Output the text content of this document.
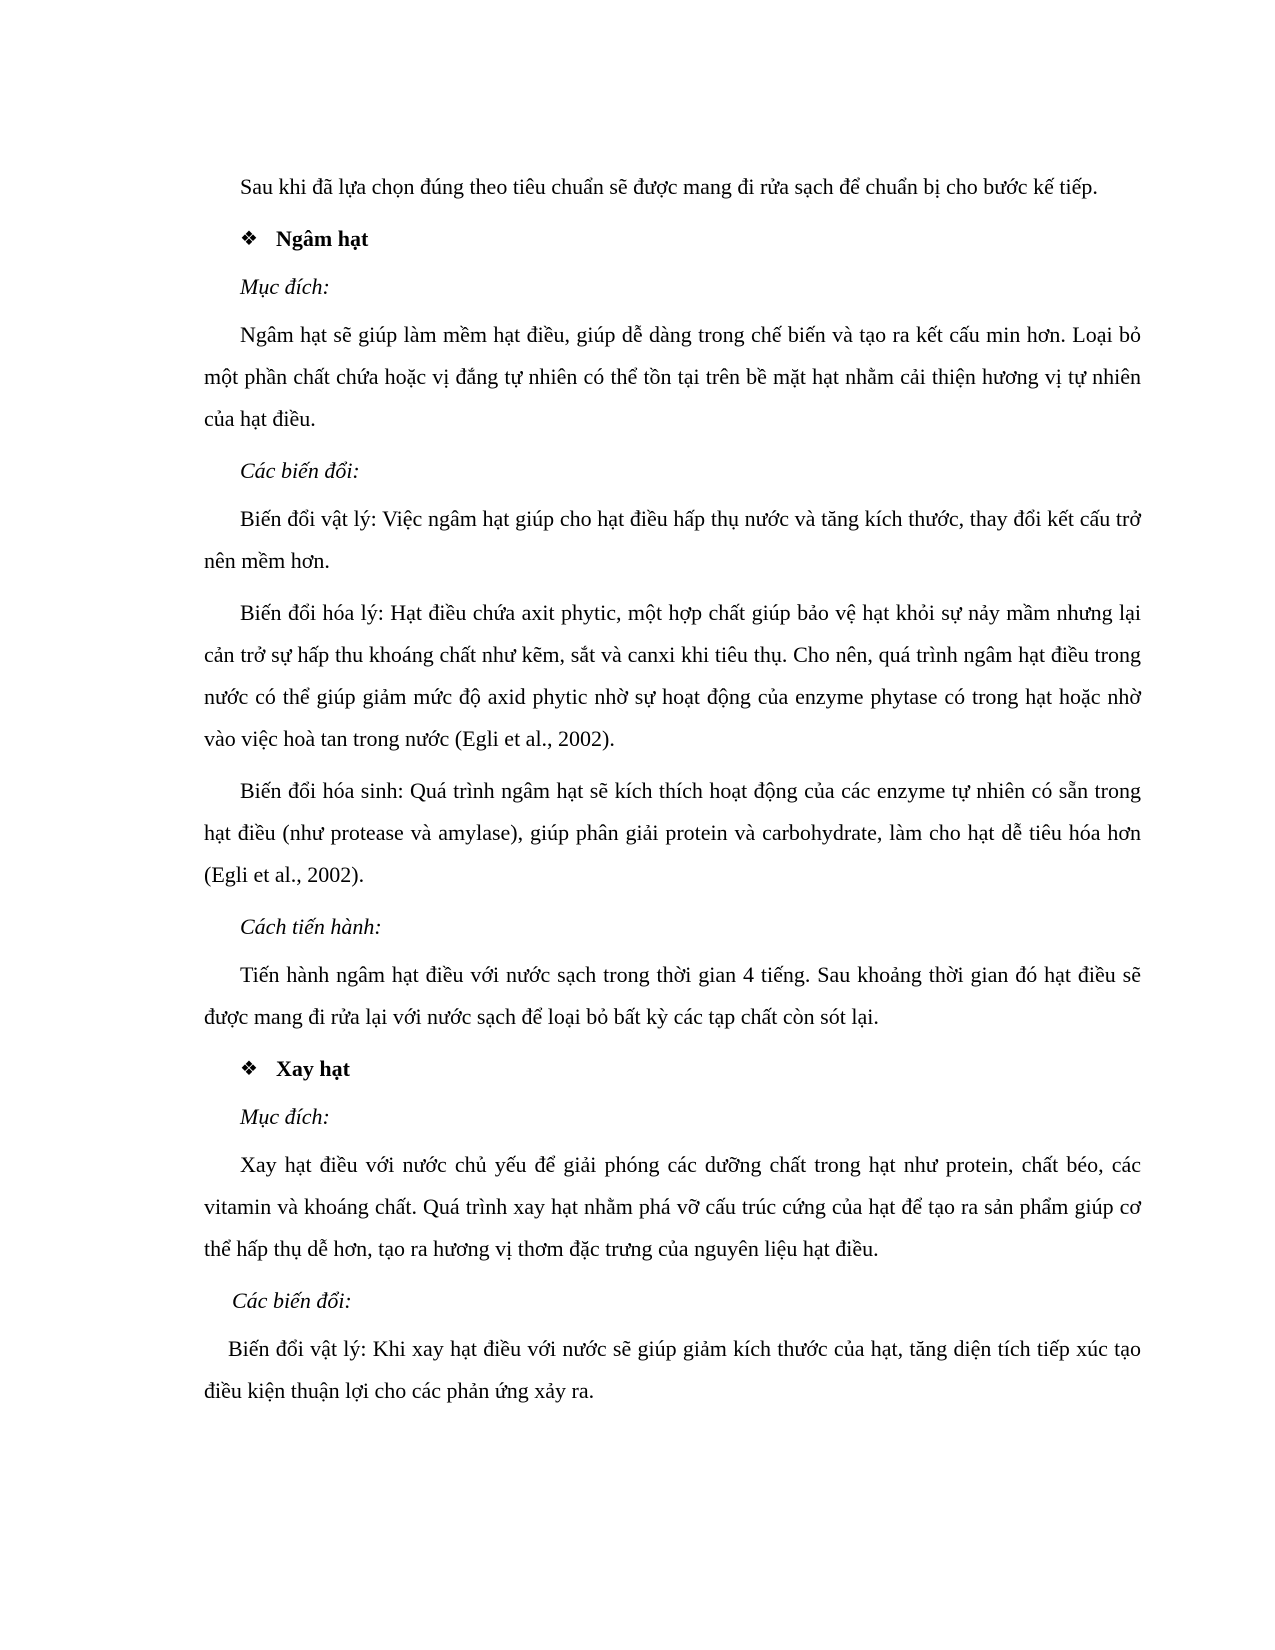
Sau khi đã lựa chọn đúng theo tiêu chuẩn sẽ được mang đi rửa sạch để chuẩn bị cho bước kế tiếp.

❖
Ngâm hạt
Mục đích:

Ngâm hạt sẽ giúp làm mềm hạt điều, giúp dễ dàng trong chế biến và tạo ra kết cấu min hơn. Loại bỏ một phần chất chứa hoặc vị đắng tự nhiên có thể tồn tại trên bề mặt hạt nhằm cải thiện hương vị tự nhiên của hạt điều.

Các biến đổi:

Biến đổi vật lý: Việc ngâm hạt giúp cho hạt điều hấp thụ nước và tăng kích thước, thay đổi kết cấu trở nên mềm hơn.

Biến đổi hóa lý: Hạt điều chứa axit phytic, một hợp chất giúp bảo vệ hạt khỏi sự nảy mầm nhưng lại cản trở sự hấp thu khoáng chất như kẽm, sắt và canxi khi tiêu thụ. Cho nên, quá trình ngâm hạt điều trong nước có thể giúp giảm mức độ axid phytic nhờ sự hoạt động của enzyme phytase có trong hạt hoặc nhờ vào việc hoà tan trong nước (Egli et al., 2002).

Biến đổi hóa sinh: Quá trình ngâm hạt sẽ kích thích hoạt động của các enzyme tự nhiên có sẵn trong hạt điều (như protease và amylase), giúp phân giải protein và carbohydrate, làm cho hạt dễ tiêu hóa hơn (Egli et al., 2002).

Cách tiến hành:

Tiến hành ngâm hạt điều với nước sạch trong thời gian 4 tiếng. Sau khoảng thời gian đó hạt điều sẽ được mang đi rửa lại với nước sạch để loại bỏ bất kỳ các tạp chất còn sót lại.

❖
Xay hạt
Mục đích:

Xay hạt điều với nước chủ yếu để giải phóng các dưỡng chất trong hạt như protein, chất béo, các vitamin và khoáng chất. Quá trình xay hạt nhằm phá vỡ cấu trúc cứng của hạt để tạo ra sản phẩm giúp cơ thể hấp thụ dễ hơn, tạo ra hương vị thơm đặc trưng của nguyên liệu hạt điều.

Các biến đổi:

Biến đổi vật lý: Khi xay hạt điều với nước sẽ giúp giảm kích thước của hạt, tăng diện tích tiếp xúc tạo điều kiện thuận lợi cho các phản ứng xảy ra.
